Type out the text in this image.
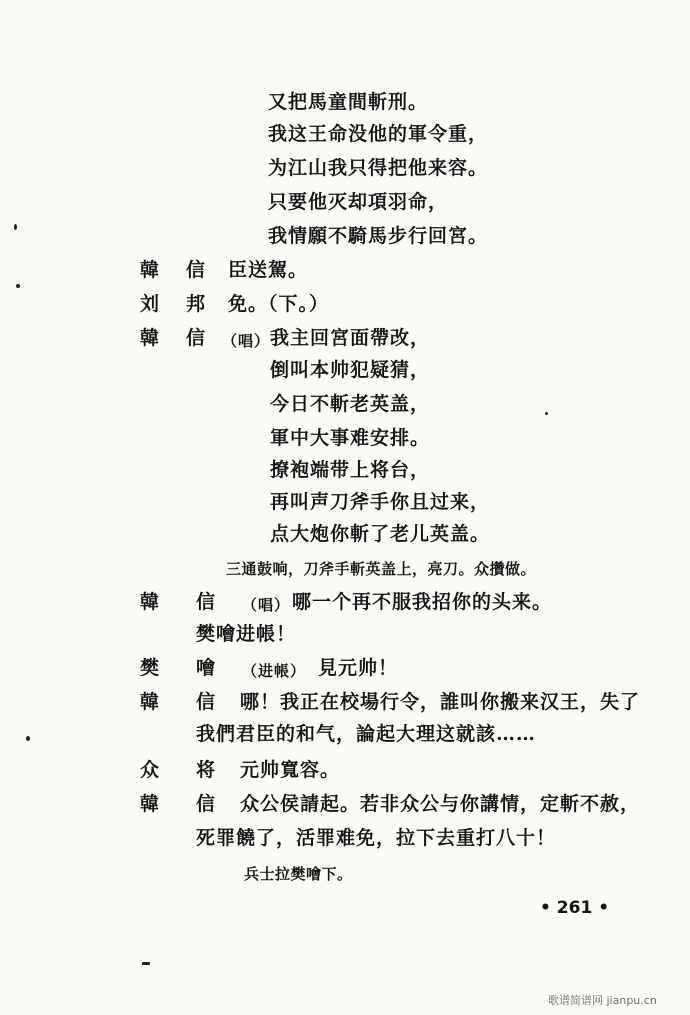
又把馬童間斬刑。
我这王命没他的軍令重，
为江山我只得把他来容。
只要他灭却項羽命，
我情願不騎馬步行回宮。
韓 信 臣送駕。
刘 邦 免。（下。）
韓 信 （唱） 我主回宮面帶改，
倒叫本帅犯疑猜，
今日不斬老英盖，
軍中大事难安排。
撩袍端带上将台，
再叫声刀斧手你且过来，
点大炮你斬了老儿英盖。
三通鼓响，刀斧手斬英盖上，亮刀。众攢做。
韓 信 （唱） 哪一个再不服我招你的头来。
樊噲进帳！
樊 噲 （进帳） 見元帅！
韓 信 哪！我正在校場行令，誰叫你搬来汉王，失了
我們君臣的和气，論起大理这就該……
众 将 元帅寬容。
韓 信 众公侯請起。若非众公与你講情，定斬不赦，
死罪饒了，活罪难免，拉下去重打八十！
兵士拉樊噲下。
• 261 •
歌谱简谱网 jianpu.cn
